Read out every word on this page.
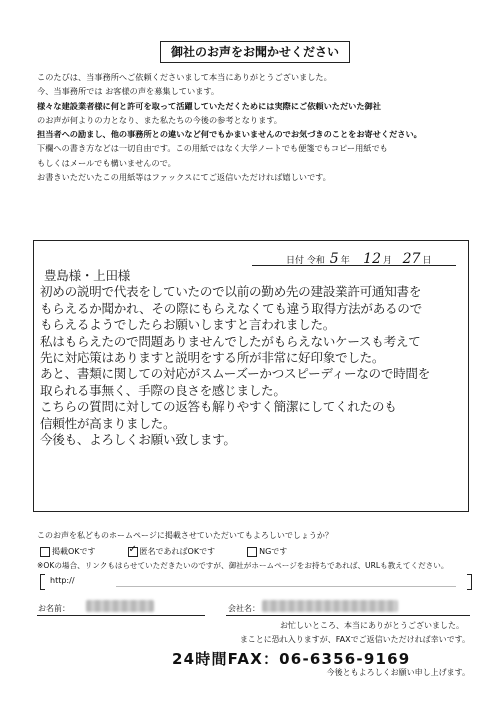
御社のお声をお聞かせください
このたびは、当事務所へご依頼くださいまして本当にありがとうございました。
今、当事務所では お客様の声を募集しています。
様々な建設業者様に何と許可を取って活躍していただくためには実際にご依頼いただいた御社
のお声が何よりの力となり、また私たちの今後の参考となります。
担当者への励まし、他の事務所との違いなど何でもかまいませんのでお気づきのことをお寄せください。
下欄への書き方などは一切自由です。この用紙ではなく大学ノートでも便箋でもコピー用紙でも
もしくはメールでも構いませんので。
お書きいただいたこの用紙等はファックスにてご返信いただければ嬉しいです。
日付 令和 5 年 12 月 27 日
豊島様・上田様
初めの説明で代表をしていたので以前の勤め先の建設業許可通知書を
もらえるか聞かれ、その際にもらえなくても違う取得方法があるので
もらえるようでしたらお願いしますと言われました。
私はもらえたので問題ありませんでしたがもらえないケースも考えて
先に対応策はありますと説明をする所が非常に好印象でした。
あと、書類に関しての対応がスムーズーかつスピーディーなので時間を
取られる事無く、手際の良さを感じました。
こちらの質問に対しての返答も解りやすく簡潔にしてくれたのも
信頼性が高まりました。
今後も、よろしくお願い致します。
このお声を私どものホームページに掲載させていただいてもよろしいでしょうか？
掲載OKです
✓	匿名であればOKです	NGです
※OKの場合、リンクもはらせていただきたいのですが、御社がホームページをお持ちであれば、URLも教えてください。
http://
お名前：	会社名：
お忙しいところ、本当にありがとうございました。
まことに恐れ入りますが、FAXでご返信いただければ幸いです。
24時間FAX：06-6356-9169
今後ともよろしくお願い申し上げます。
